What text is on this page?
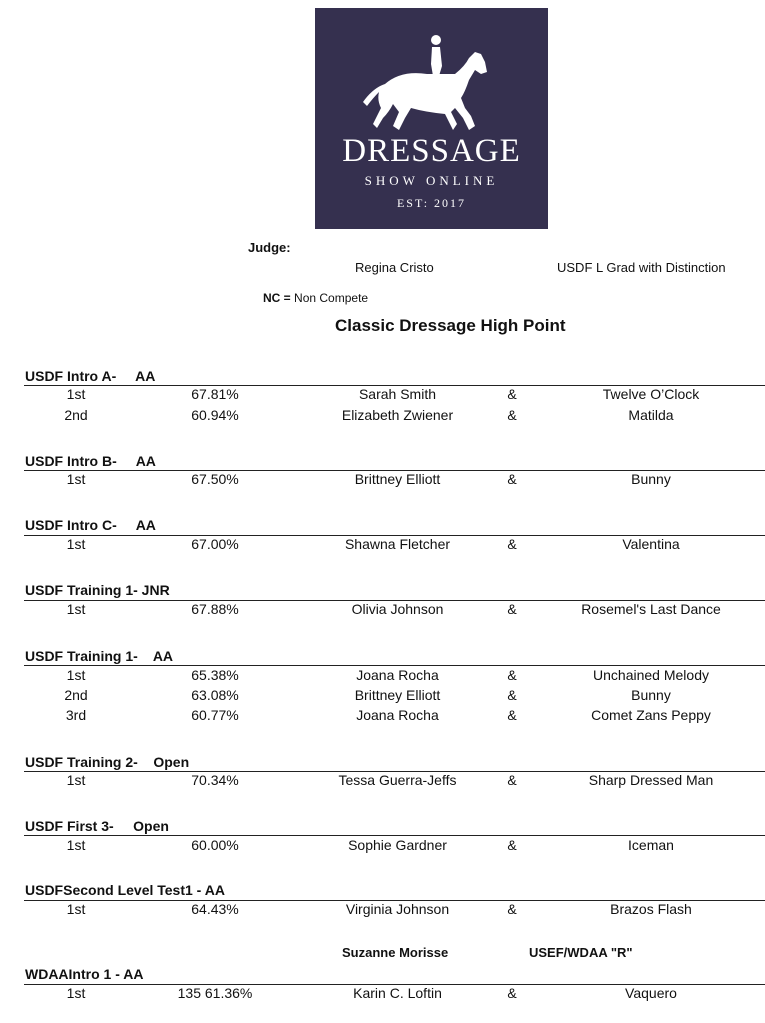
DRESSAGE
SHOW ONLINE
EST: 2017
Judge:
Regina Cristo	USDF L Grad with Distinction
NC = Non Compete
Classic Dressage High Point
USDF Intro A-     AA
USDF Intro B-     AA
USDF Intro C-     AA
USDF Training 1- JNR
USDF Training 1-    AA
USDF Training 2-    Open
USDF First 3-     Open
USDFSecond Level Test1 - AA
Suzanne Morisse	USEF/WDAA "R"
WDAAIntro 1 - AA
1st	67.81%	Sarah Smith	&	Twelve O’Clock
2nd	60.94%	Elizabeth Zwiener	&	Matilda
1st	67.50%	Brittney Elliott	&	Bunny
1st	67.00%	Shawna Fletcher	&	Valentina
1st	67.88%	Olivia Johnson	&	Rosemel's Last Dance
1st	65.38%	Joana Rocha	&	Unchained Melody
2nd	63.08%	Brittney Elliott	&	Bunny
3rd	60.77%	Joana Rocha	&	Comet Zans Peppy
1st	70.34%	Tessa Guerra-Jeffs	&	Sharp Dressed Man
1st	60.00%	Sophie Gardner	&	Iceman
1st	64.43%	Virginia Johnson	&	Brazos Flash
1st	135 61.36%	Karin C. Loftin	&	Vaquero
